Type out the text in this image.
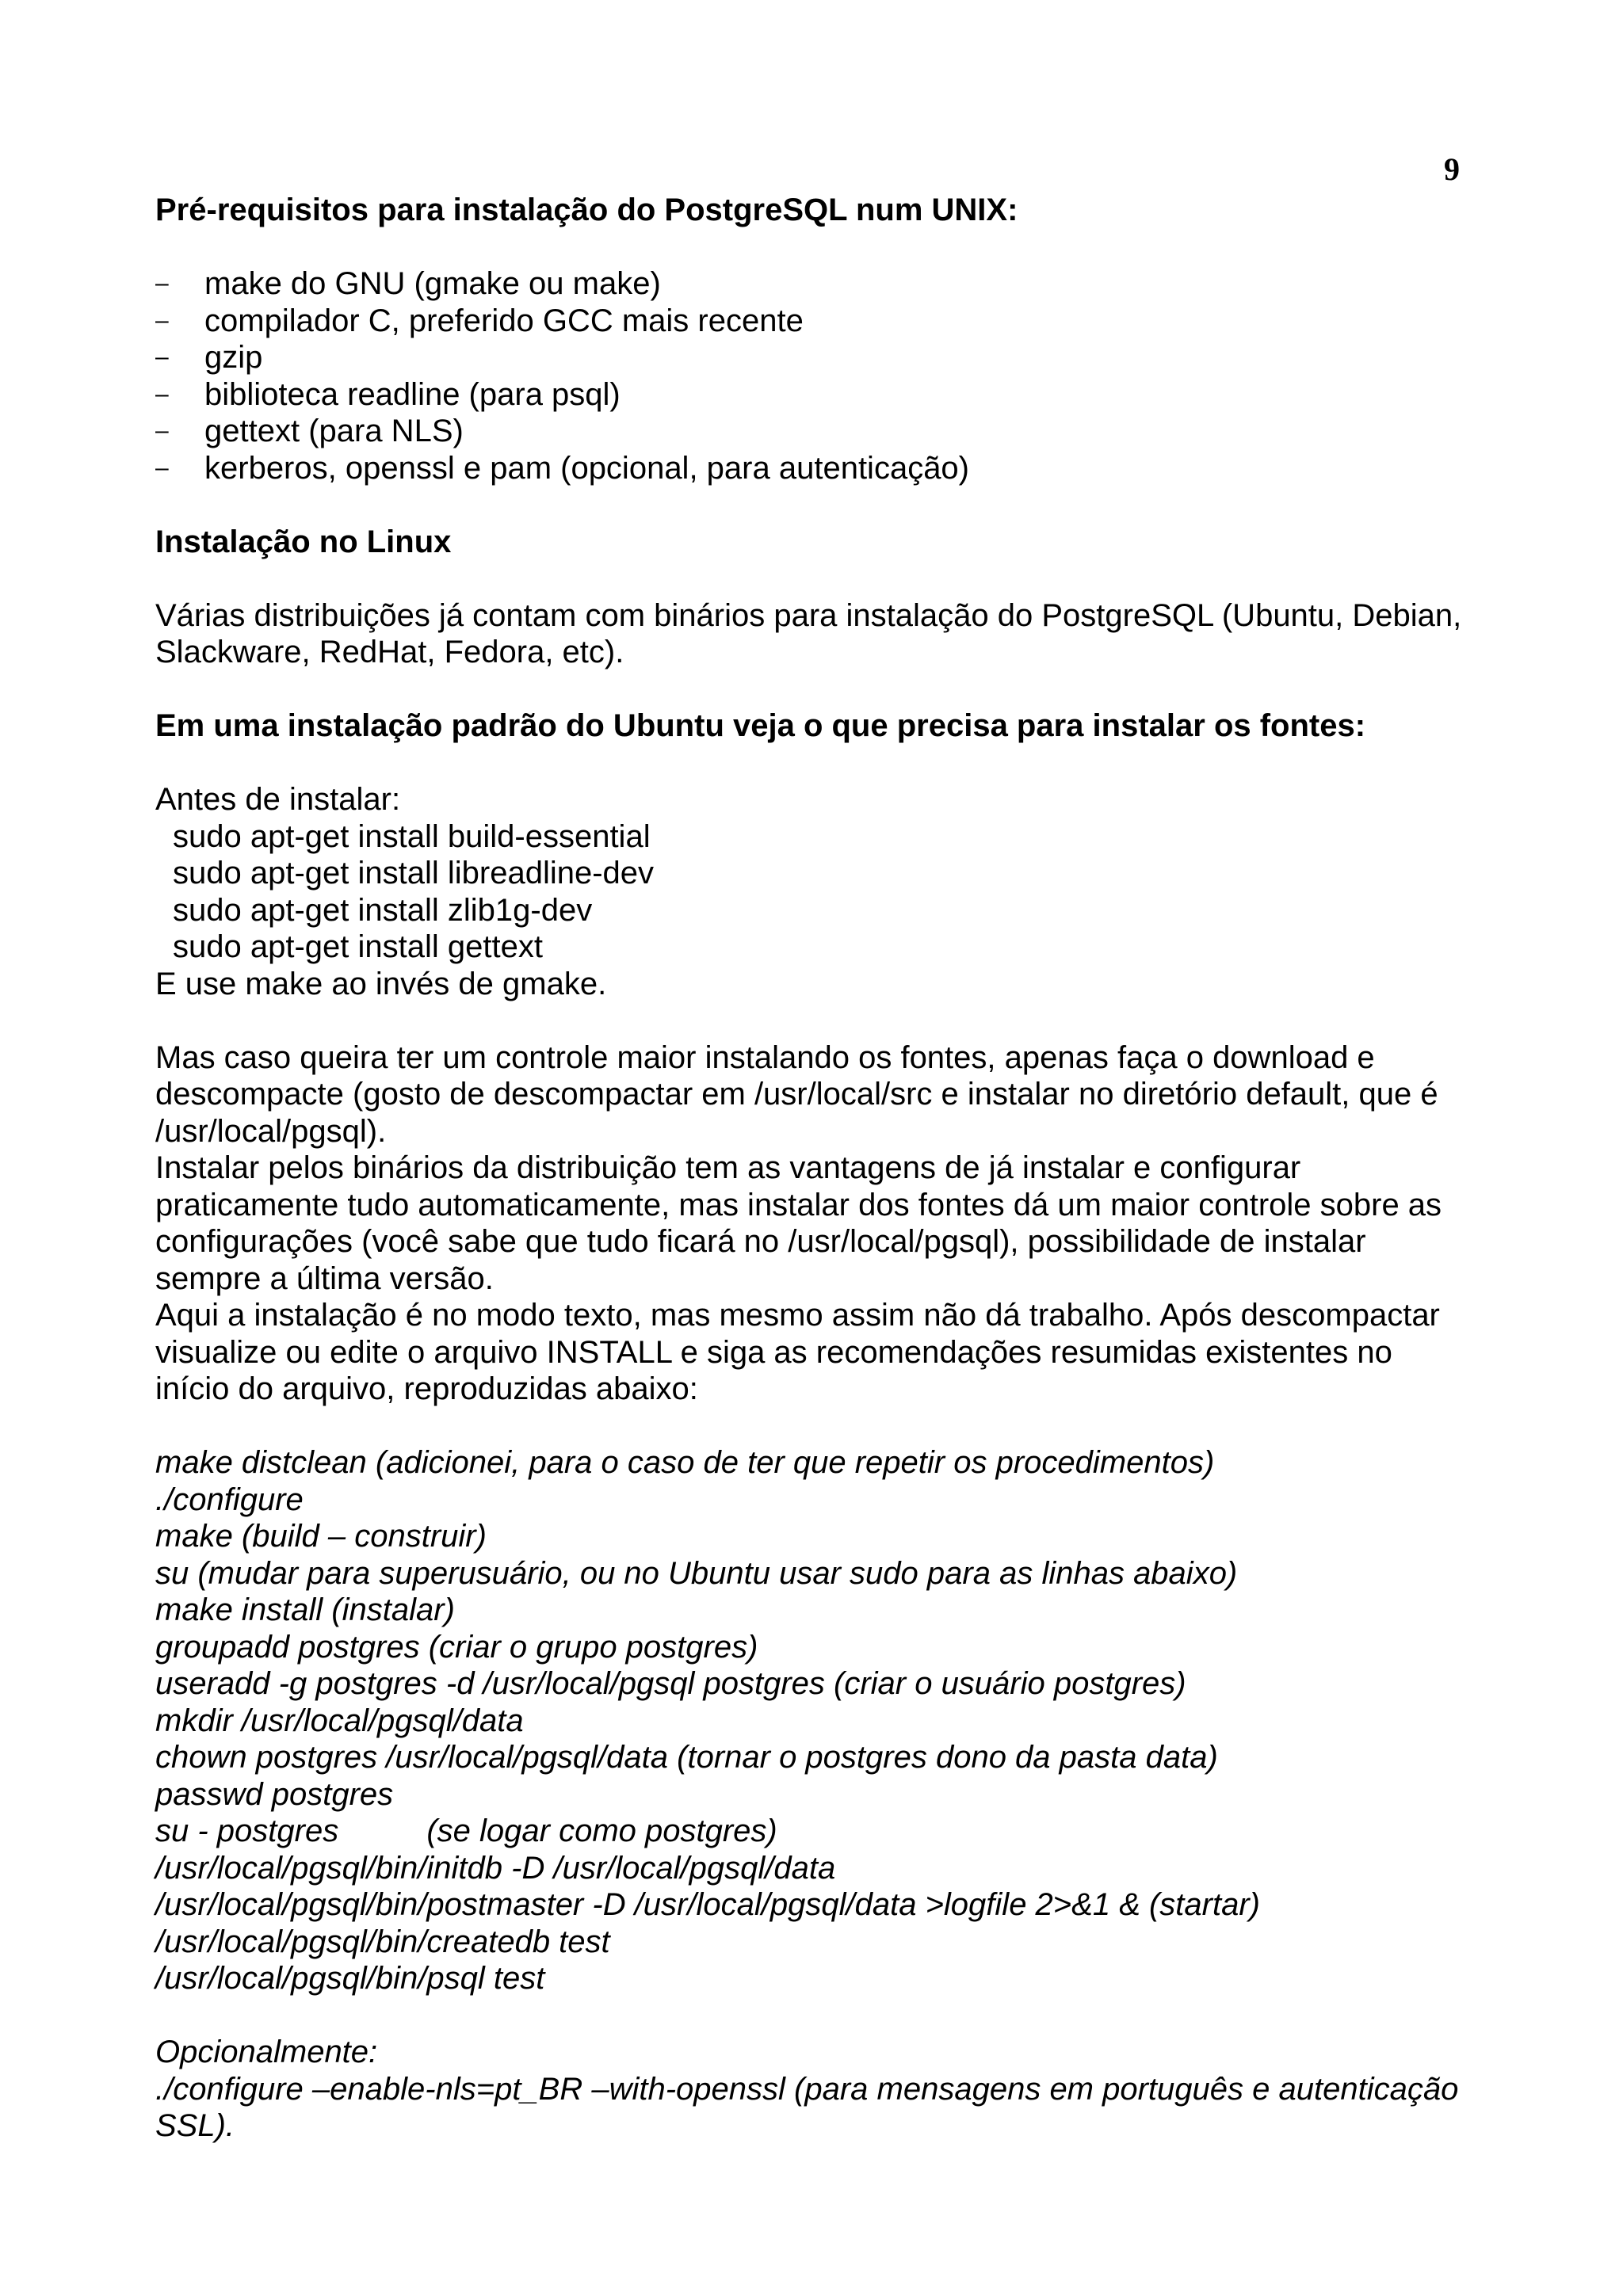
9

Pré-requisitos para instalação do PostgreSQL num UNIX:

– make do GNU (gmake ou make)
– compilador C, preferido GCC mais recente
– gzip
– biblioteca readline (para psql)
– gettext (para NLS)
– kerberos, openssl e pam (opcional, para autenticação)

Instalação no Linux

Várias distribuições já contam com binários para instalação do PostgreSQL (Ubuntu, Debian,

Slackware, RedHat, Fedora, etc).

Em uma instalação padrão do Ubuntu veja o que precisa para instalar os fontes:

Antes de instalar:

sudo apt-get install build-essential

sudo apt-get install libreadline-dev

sudo apt-get install zlib1g-dev

sudo apt-get install gettext

E use make ao invés de gmake.

Mas caso queira ter um controle maior instalando os fontes, apenas faça o download e

descompacte (gosto de descompactar em /usr/local/src e instalar no diretório default, que é

/usr/local/pgsql).

Instalar pelos binários da distribuição tem as vantagens de já instalar e configurar

praticamente tudo automaticamente, mas instalar dos fontes dá um maior controle sobre as

configurações (você sabe que tudo ficará no /usr/local/pgsql), possibilidade de instalar

sempre a última versão.

Aqui a instalação é no modo texto, mas mesmo assim não dá trabalho. Após descompactar

visualize ou edite o arquivo INSTALL e siga as recomendações resumidas existentes no

início do arquivo, reproduzidas abaixo:

make distclean (adicionei, para o caso de ter que repetir os procedimentos)

./configure

make (build – construir)

su (mudar para superusuário, ou no Ubuntu usar sudo para as linhas abaixo)

make install (instalar)

groupadd postgres (criar o grupo postgres)

useradd -g postgres -d /usr/local/pgsql postgres (criar o usuário postgres)

mkdir /usr/local/pgsql/data

chown postgres /usr/local/pgsql/data (tornar o postgres dono da pasta data)

passwd postgres

su - postgres          (se logar como postgres)

/usr/local/pgsql/bin/initdb -D /usr/local/pgsql/data

/usr/local/pgsql/bin/postmaster -D /usr/local/pgsql/data >logfile 2>&1 & (startar)

/usr/local/pgsql/bin/createdb test

/usr/local/pgsql/bin/psql test

Opcionalmente:

./configure –enable-nls=pt_BR –with-openssl (para mensagens em português e autenticação

SSL).
